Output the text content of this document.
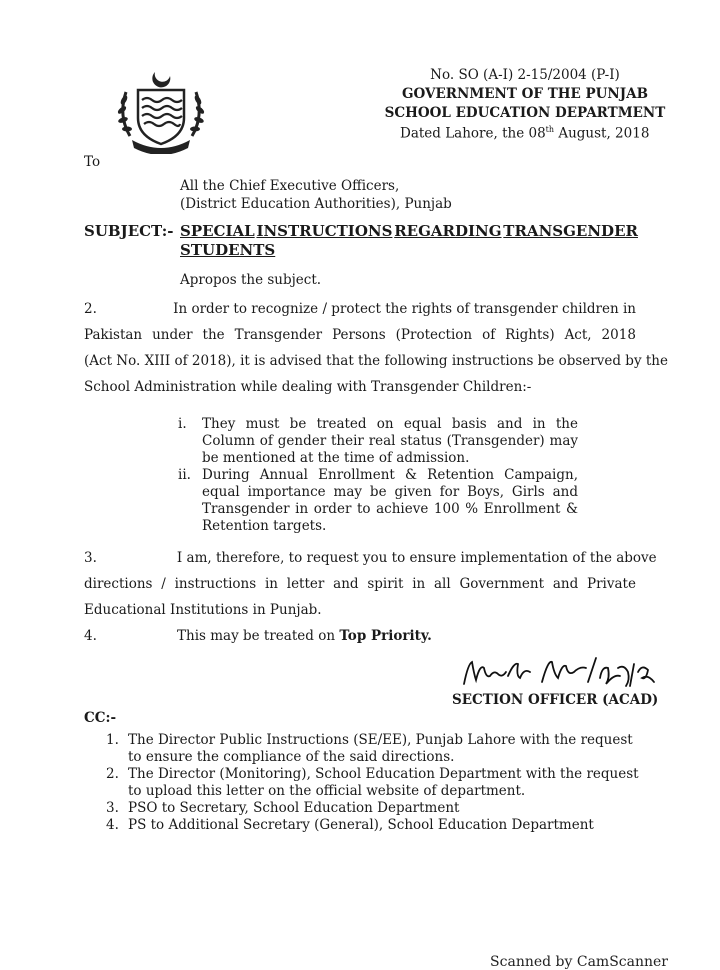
No. SO (A-I) 2-15/2004 (P-I)
GOVERNMENT OF THE PUNJAB
SCHOOL EDUCATION DEPARTMENT
Dated Lahore, the 08th August, 2018
To
All the Chief Executive Officers,
(District Education Authorities), Punjab
SUBJECT:- SPECIAL INSTRUCTIONS REGARDING TRANSGENDER
STUDENTS
Apropos the subject.
2.	In order to recognize / protect the rights of transgender children in
Pakistan under the Transgender Persons (Protection of Rights) Act, 2018
(Act No. XIII of 2018), it is advised that the following instructions be observed by the
School Administration while dealing with Transgender Children:-
i. They must be treated on equal basis and in the Column of gender their real status (Transgender) may be mentioned at the time of admission.
ii. During Annual Enrollment & Retention Campaign, equal importance may be given for Boys, Girls and Transgender in order to achieve 100 % Enrollment & Retention targets.
3.	I am, therefore, to request you to ensure implementation of the above
directions / instructions in letter and spirit in all Government and Private
Educational Institutions in Punjab.
4.	This may be treated on Top Priority.
SECTION OFFICER (ACAD)
CC:-
1. The Director Public Instructions (SE/EE), Punjab Lahore with the request to ensure the compliance of the said directions.
2. The Director (Monitoring), School Education Department with the request to upload this letter on the official website of department.
3. PSO to Secretary, School Education Department
4. PS to Additional Secretary (General), School Education Department
Scanned by CamScanner
